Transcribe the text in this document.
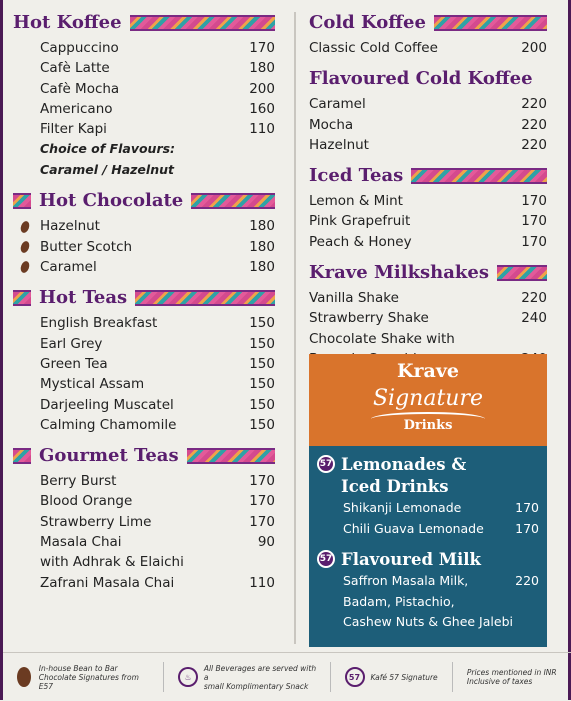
Hot Koffee
Cappuccino	170
Cafè Latte	180
Cafè Mocha	200
Americano	160
Filter Kapi	110
Choice of Flavours:
Caramel / Hazelnut
Hot Chocolate
Hazelnut	180
Butter Scotch	180
Caramel	180
Hot Teas
English Breakfast	150
Earl Grey	150
Green Tea	150
Mystical Assam	150
Darjeeling Muscatel	150
Calming Chamomile	150
Gourmet Teas
Berry Burst	170
Blood Orange	170
Strawberry Lime	170
Masala Chai	90
with Adhrak & Elaichi
Zafrani Masala Chai	110
Cold Koffee
Classic Cold Coffee	200
Flavoured Cold Koffee
Caramel	220
Mocha	220
Hazelnut	220
Iced Teas
Lemon & Mint	170
Pink Grapefruit	170
Peach & Honey	170
Krave Milkshakes
Vanilla Shake	220
Strawberry Shake	240
Chocolate Shake with
Krave
Signature
Drinks
57 Lemonades &
Iced Drinks
Shikanji Lemonade	170
Chili Guava Lemonade	170
57 Flavoured Milk
Saffron Masala Milk,	220
Badam, Pistachio,
Cashew Nuts & Ghee Jalebi
In-house Bean to Bar
Chocolate Signatures from E57
♨
All Beverages are served with a
small Komplimentary Snack
57	Kafé 57 Signature	Prices mentioned in INR
Inclusive of taxes
